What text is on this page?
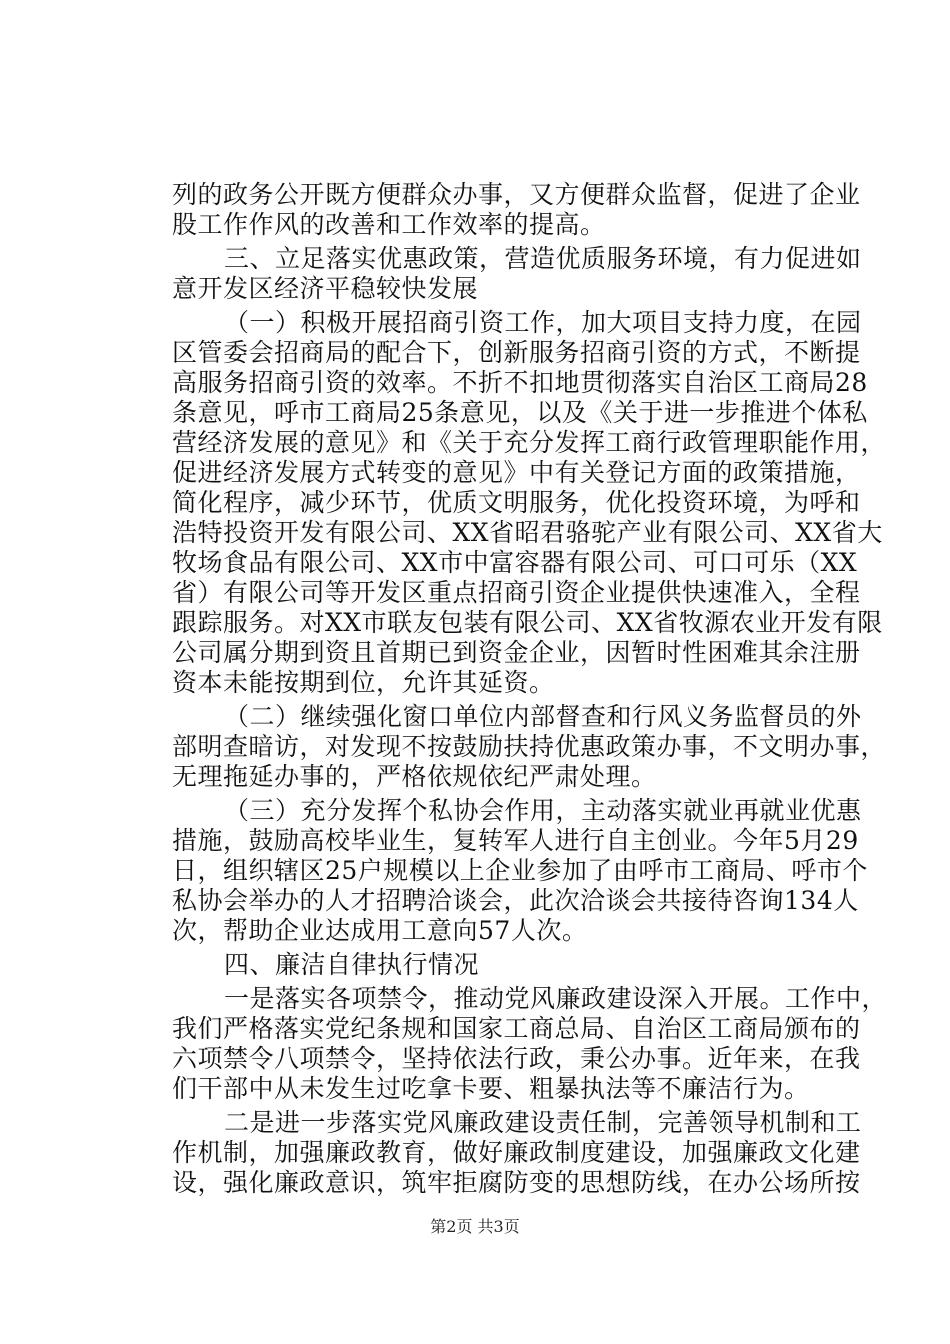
列的政务公开既方便群众办事，又方便群众监督，促进了企业
股工作作风的改善和工作效率的提高。
三、立足落实优惠政策，营造优质服务环境，有力促进如
意开发区经济平稳较快发展
（一）积极开展招商引资工作，加大项目支持力度，在园
区管委会招商局的配合下，创新服务招商引资的方式，不断提
高服务招商引资的效率。不折不扣地贯彻落实自治区工商局28
条意见，呼市工商局25条意见，以及《关于进一步推进个体私
营经济发展的意见》和《关于充分发挥工商行政管理职能作用，
促进经济发展方式转变的意见》中有关登记方面的政策措施，
简化程序，减少环节，优质文明服务，优化投资环境，为呼和
浩特投资开发有限公司、XX省昭君骆驼产业有限公司、XX省大
牧场食品有限公司、XX市中富容器有限公司、可口可乐（XX
省）有限公司等开发区重点招商引资企业提供快速准入，全程
跟踪服务。对XX市联友包装有限公司、XX省牧源农业开发有限
公司属分期到资且首期已到资金企业，因暂时性困难其余注册
资本未能按期到位，允许其延资。
（二）继续强化窗口单位内部督查和行风义务监督员的外
部明查暗访，对发现不按鼓励扶持优惠政策办事，不文明办事，
无理拖延办事的，严格依规依纪严肃处理。
（三）充分发挥个私协会作用，主动落实就业再就业优惠
措施，鼓励高校毕业生，复转军人进行自主创业。今年5月29
日，组织辖区25户规模以上企业参加了由呼市工商局、呼市个
私协会举办的人才招聘洽谈会，此次洽谈会共接待咨询134人
次，帮助企业达成用工意向57人次。
四、廉洁自律执行情况
一是落实各项禁令，推动党风廉政建设深入开展。工作中，
我们严格落实党纪条规和国家工商总局、自治区工商局颁布的
六项禁令八项禁令，坚持依法行政，秉公办事。近年来，在我
们干部中从未发生过吃拿卡要、粗暴执法等不廉洁行为。
二是进一步落实党风廉政建设责任制，完善领导机制和工
作机制，加强廉政教育，做好廉政制度建设，加强廉政文化建
设，强化廉政意识，筑牢拒腐防变的思想防线，在办公场所按
第2页 共3页
